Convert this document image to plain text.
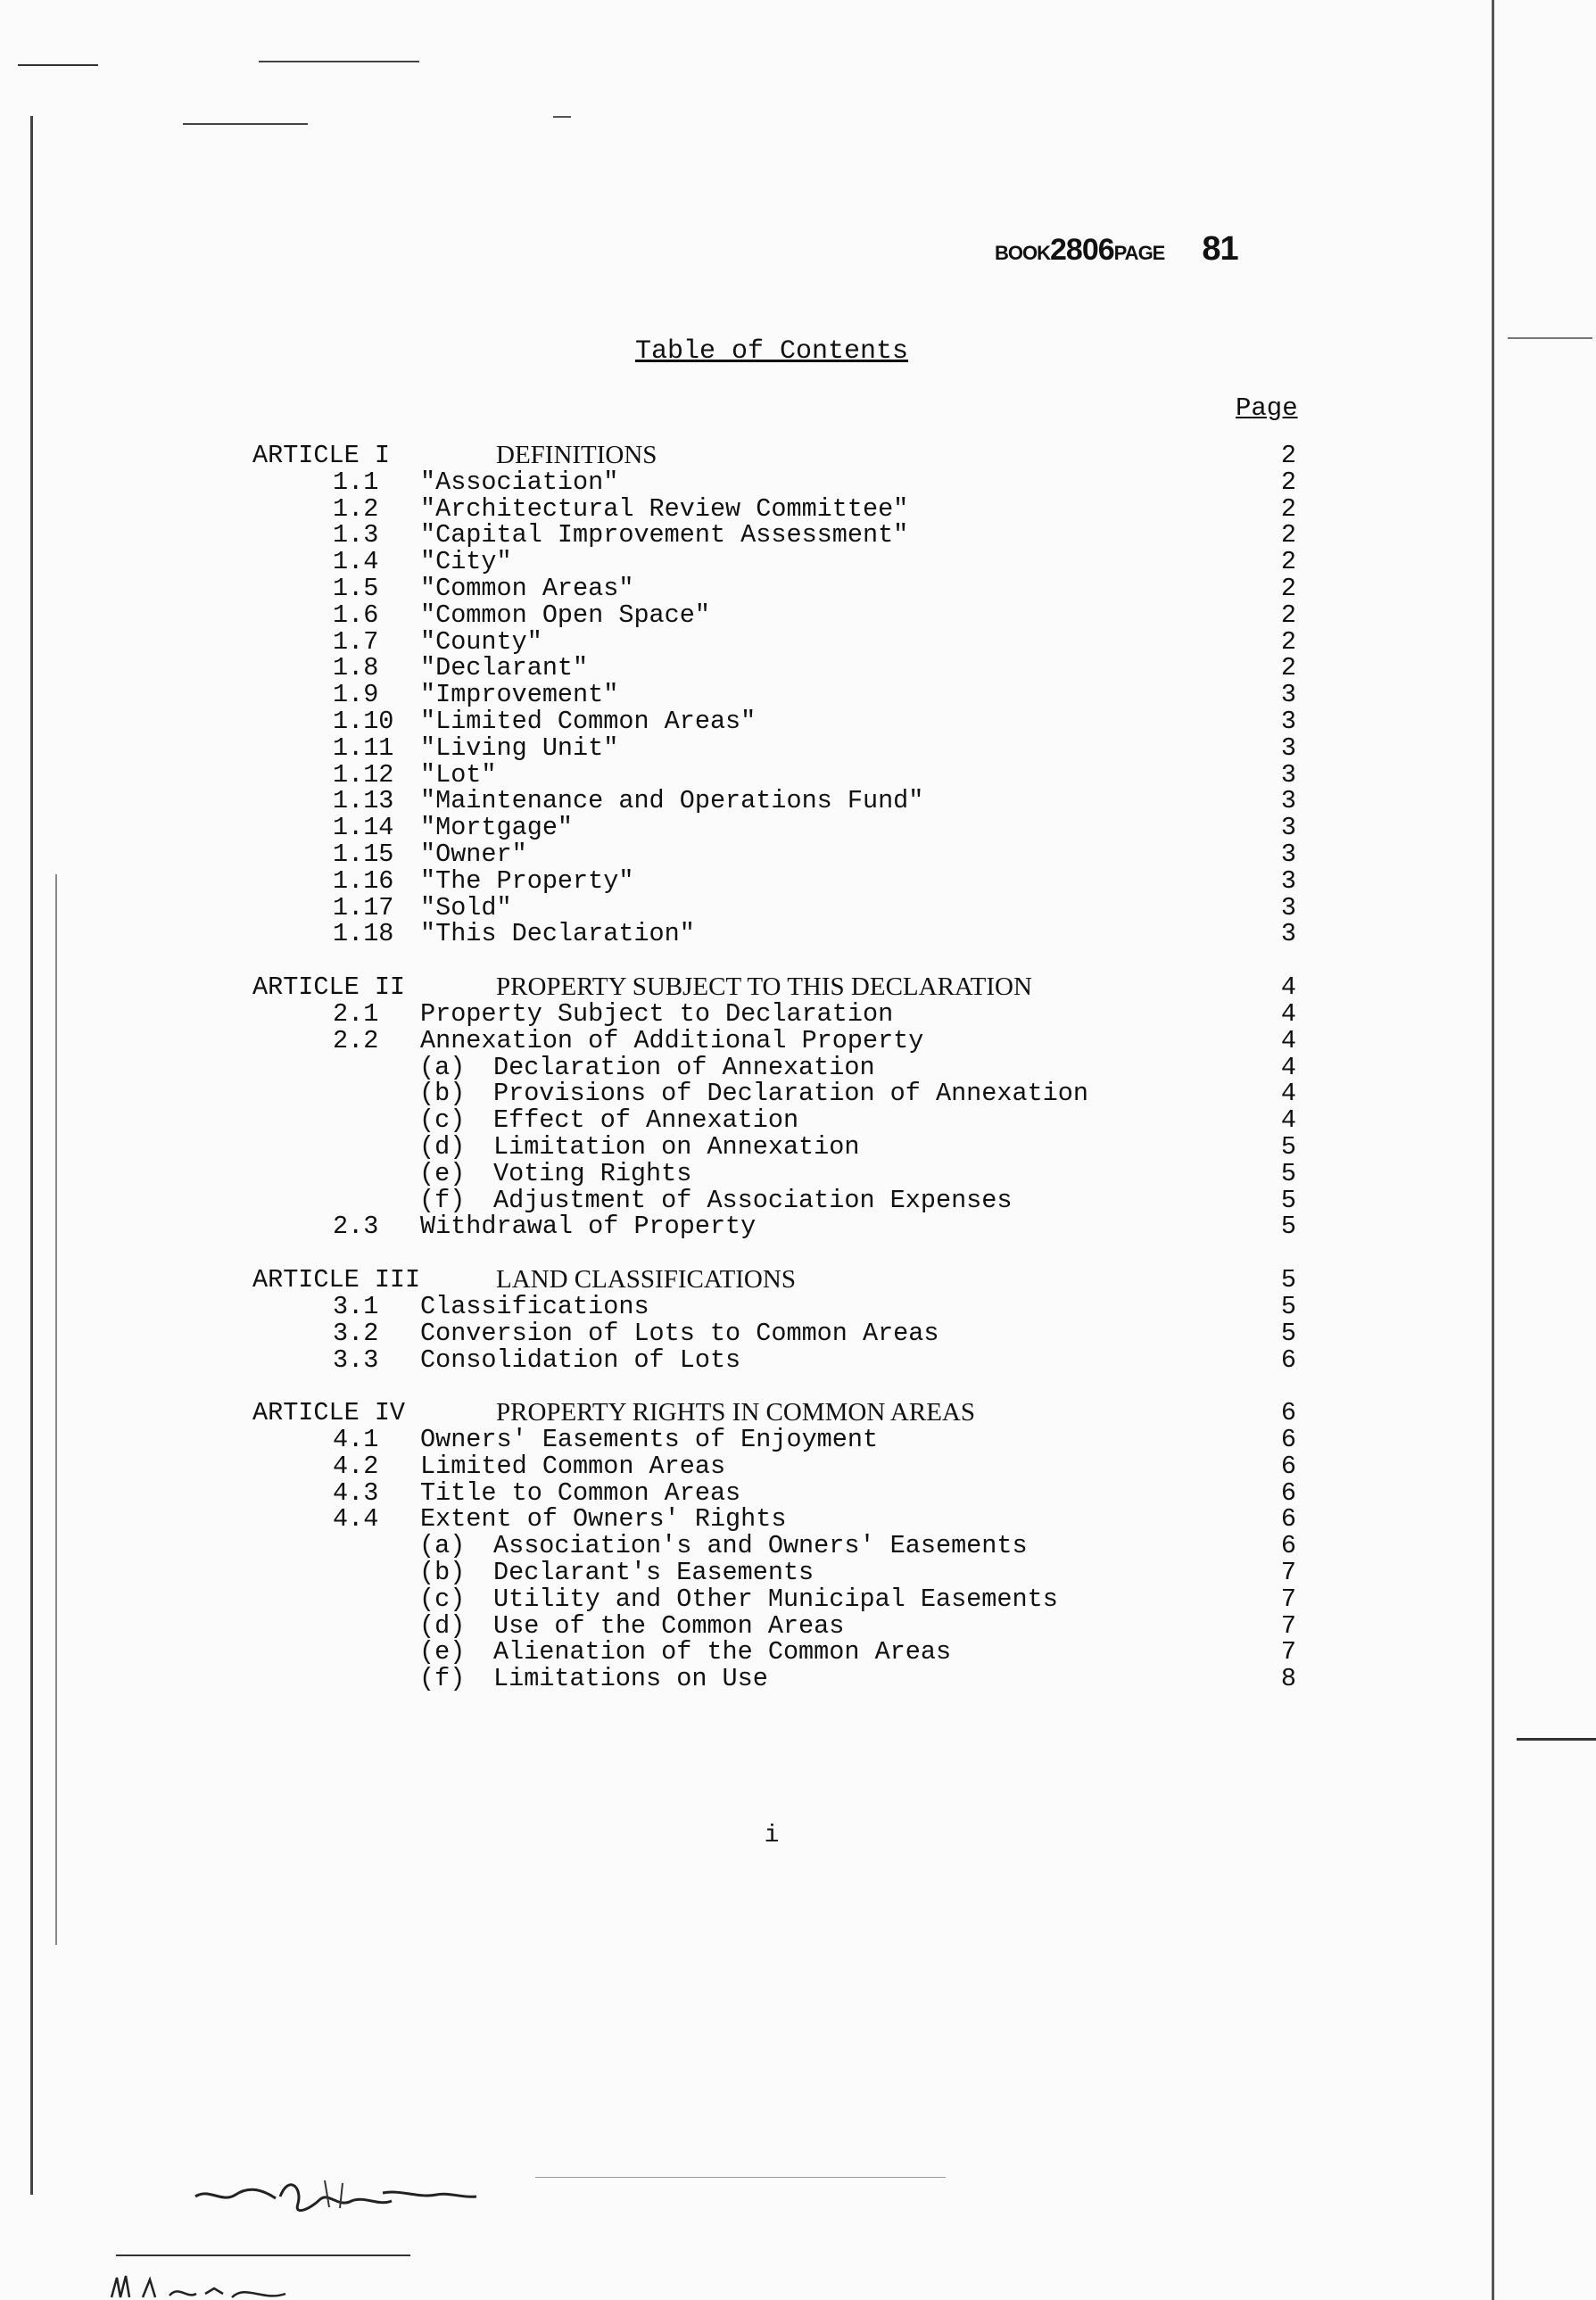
BOOK2806PAGE 81
Table of Contents
Page
ARTICLE I	DEFINITIONS	2
1.1 "Association"	2
1.2 "Architectural Review Committee"	2
1.3 "Capital Improvement Assessment"	2
1.4 "City"	2
1.5 "Common Areas"	2
1.6 "Common Open Space"	2
1.7 "County"	2
1.8 "Declarant"	2
1.9 "Improvement"	3
1.10 "Limited Common Areas"	3
1.11 "Living Unit"	3
1.12 "Lot"	3
1.13 "Maintenance and Operations Fund"	3
1.14 "Mortgage"	3
1.15 "Owner"	3
1.16 "The Property"	3
1.17 "Sold"	3
1.18 "This Declaration"	3
ARTICLE II	PROPERTY SUBJECT TO THIS DECLARATION	4
2.1 Property Subject to Declaration	4
2.2 Annexation of Additional Property	4
(a) Declaration of Annexation	4
(b) Provisions of Declaration of Annexation	4
(c) Effect of Annexation	4
(d) Limitation on Annexation	5
(e) Voting Rights	5
(f) Adjustment of Association Expenses	5
2.3 Withdrawal of Property	5
ARTICLE III	LAND CLASSIFICATIONS	5
3.1 Classifications	5
3.2 Conversion of Lots to Common Areas	5
3.3 Consolidation of Lots	6
ARTICLE IV	PROPERTY RIGHTS IN COMMON AREAS	6
4.1 Owners' Easements of Enjoyment	6
4.2 Limited Common Areas	6
4.3 Title to Common Areas	6
4.4 Extent of Owners' Rights	6
(a) Association's and Owners' Easements	6
(b) Declarant's Easements	7
(c) Utility and Other Municipal Easements	7
(d) Use of the Common Areas	7
(e) Alienation of the Common Areas	7
(f) Limitations on Use	8
i
